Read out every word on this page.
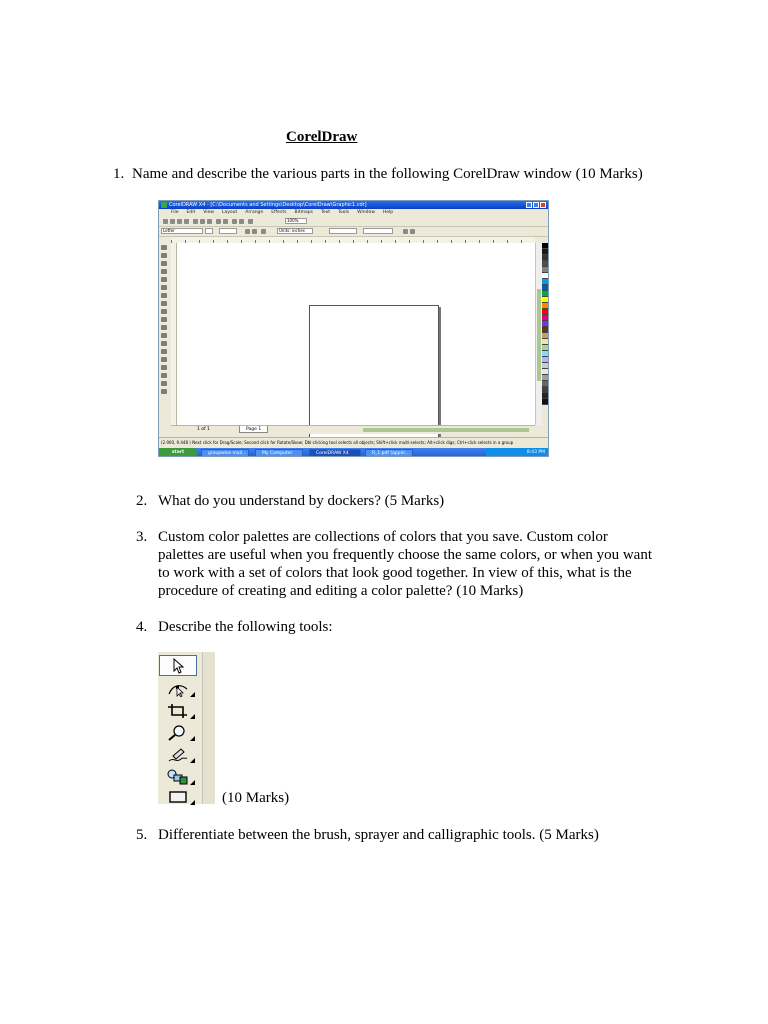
CorelDraw
1. Name and describe the various parts in the following CorelDraw window (10 Marks)
CorelDRAW X4 - [C:\Documents and Settings\Desktop\CorelDraw\Graphic1.cdr]
File Edit View Layout Arrange Effects Bitmaps Text Tools Window Help
100%
Letter	Units: inches
1 of 1	Page 1
(2.900, 9.448 ) Next click for Drag/Scale; Second click for Rotate/Skew; Dbl-clicking tool selects all objects; Shift+click multi-selects; Alt+click digs; Ctrl+click selects in a group
start	groupwise mail...	My Computer	CorelDRAW X4	R_1.pdf (applic...	8:43 PM
2. What do you understand by dockers? (5 Marks)
3. Custom color palettes are collections of colors that you save. Custom color
palettes are useful when you frequently choose the same colors, or when you want
to work with a set of colors that look good together. In view of this, what is the
procedure of creating and editing a color palette? (10 Marks)
4. Describe the following tools:
(10 Marks)
5. Differentiate between the brush, sprayer and calligraphic tools. (5 Marks)
